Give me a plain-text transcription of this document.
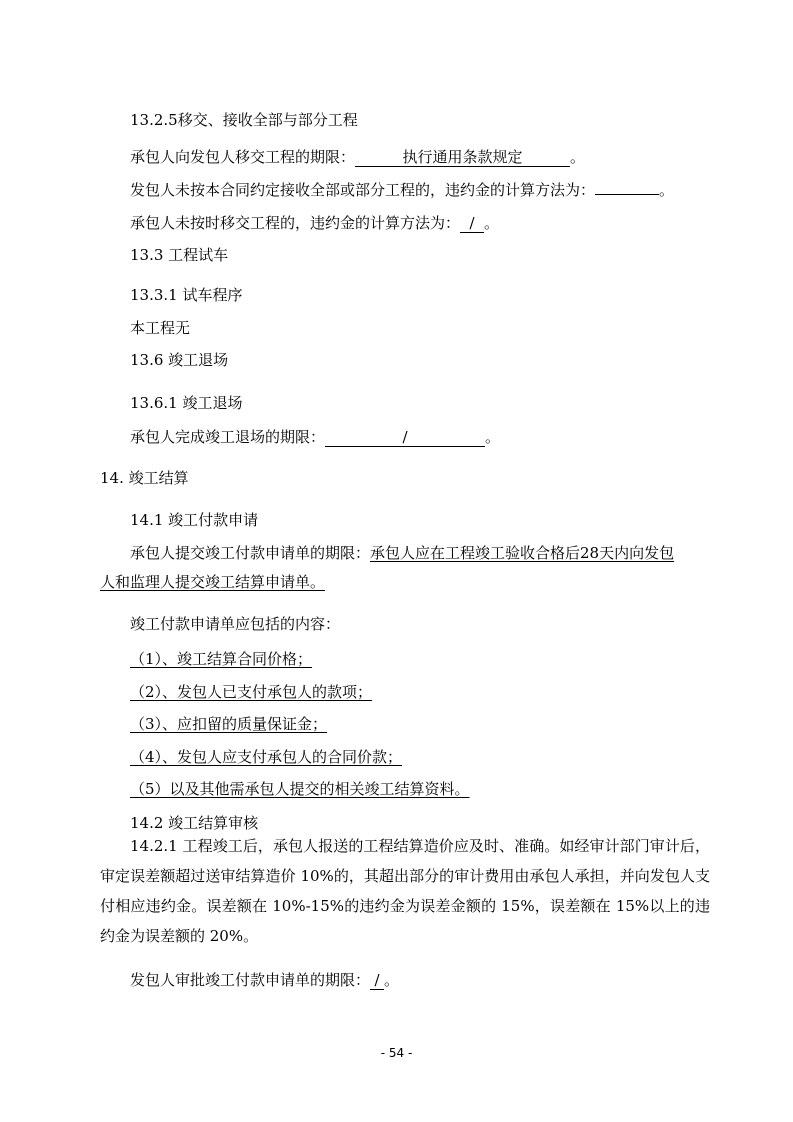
13.2.5移交、接收全部与部分工程
承包人向发包人移交工程的期限：	执行通用条款规定	。
发包人未按本合同约定接收全部或部分工程的，违约金的计算方法为：	。
承包人未按时移交工程的，违约金的计算方法为： / 。
13.3 工程试车
13.3.1 试车程序
本工程无
13.6 竣工退场
13.6.1 竣工退场
承包人完成竣工退场的期限：	/	。
14. 竣工结算
14.1 竣工付款申请
承包人提交竣工付款申请单的期限：承包人应在工程竣工验收合格后28天内向发包
人和监理人提交竣工结算申请单。
竣工付款申请单应包括的内容：
（1）、竣工结算合同价格；
（2）、发包人已支付承包人的款项；
（3）、应扣留的质量保证金；
（4）、发包人应支付承包人的合同价款；
（5）以及其他需承包人提交的相关竣工结算资料。
14.2 竣工结算审核
14.2.1 工程竣工后，承包人报送的工程结算造价应及时、准确。如经审计部门审计后，审定误差额超过送审结算造价 10%的，其超出部分的审计费用由承包人承担，并向发包人支付相应违约金。误差额在 10%-15%的违约金为误差金额的 15%，误差额在 15%以上的违约金为误差额的 20%。
发包人审批竣工付款申请单的期限： / 。
- 54 -
